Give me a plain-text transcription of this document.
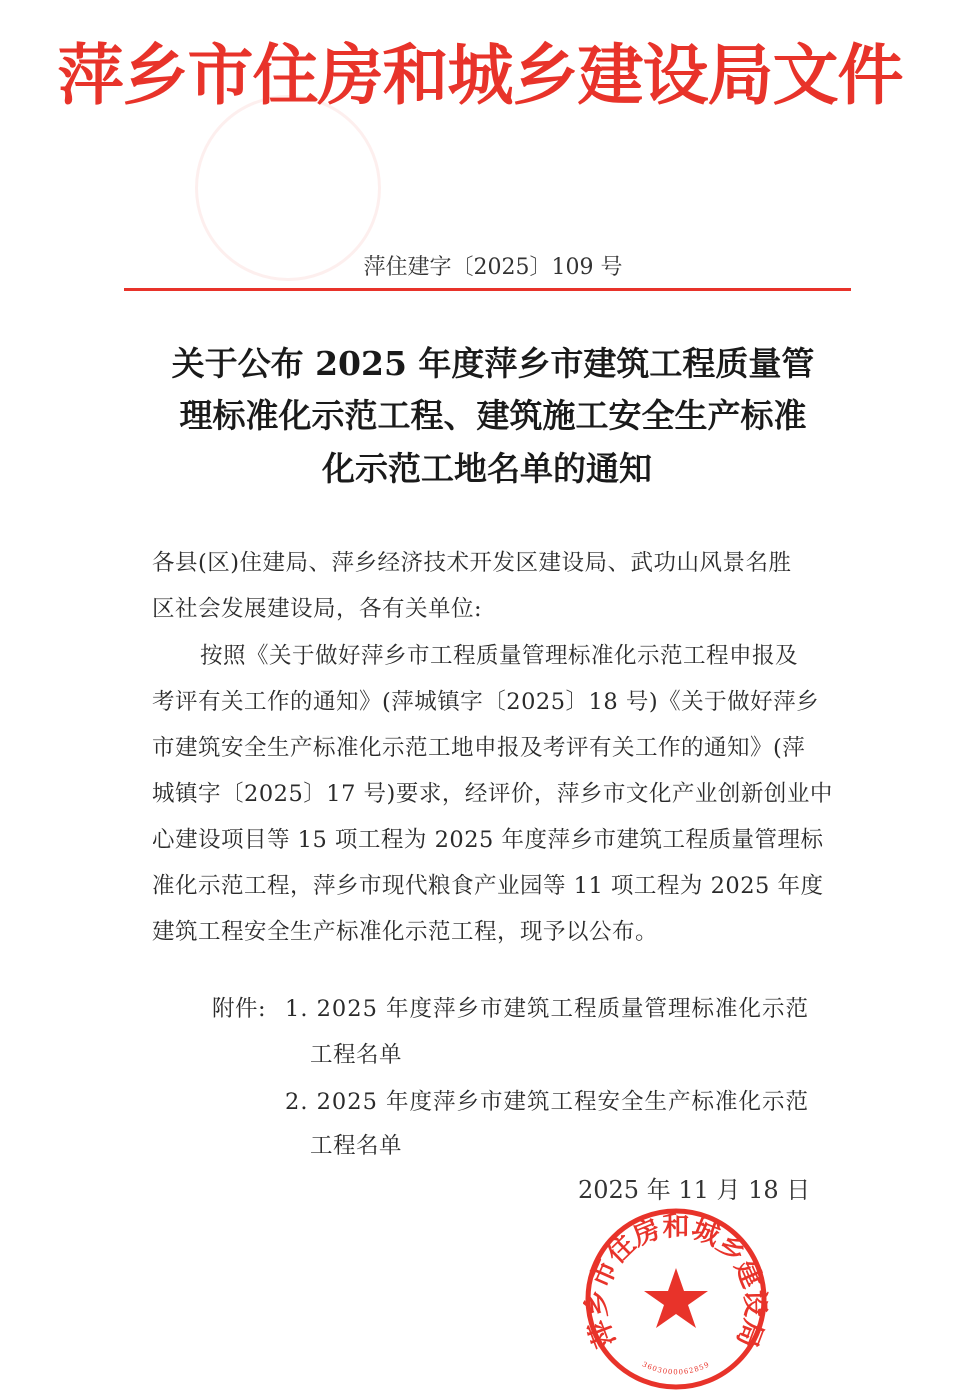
萍乡市住房和城乡建设局文件
萍住建字〔2025〕109 号
关于公布 2025 年度萍乡市建筑工程质量管
理标准化示范工程、建筑施工安全生产标准
化示范工地名单的通知
各县(区)住建局、萍乡经济技术开发区建设局、武功山风景名胜
区社会发展建设局，各有关单位:
按照《关于做好萍乡市工程质量管理标准化示范工程申报及
考评有关工作的通知》(萍城镇字〔2025〕18 号)《关于做好萍乡
市建筑安全生产标准化示范工地申报及考评有关工作的通知》(萍
城镇字〔2025〕17 号)要求，经评价，萍乡市文化产业创新创业中
心建设项目等 15 项工程为 2025 年度萍乡市建筑工程质量管理标
准化示范工程，萍乡市现代粮食产业园等 11 项工程为 2025 年度
建筑工程安全生产标准化示范工程，现予以公布。
附件: 1. 2025 年度萍乡市建筑工程质量管理标准化示范
工程名单
2. 2025 年度萍乡市建筑工程安全生产标准化示范
工程名单
2025 年 11 月 18 日
萍乡市住房和城乡建设局
3603000062859
